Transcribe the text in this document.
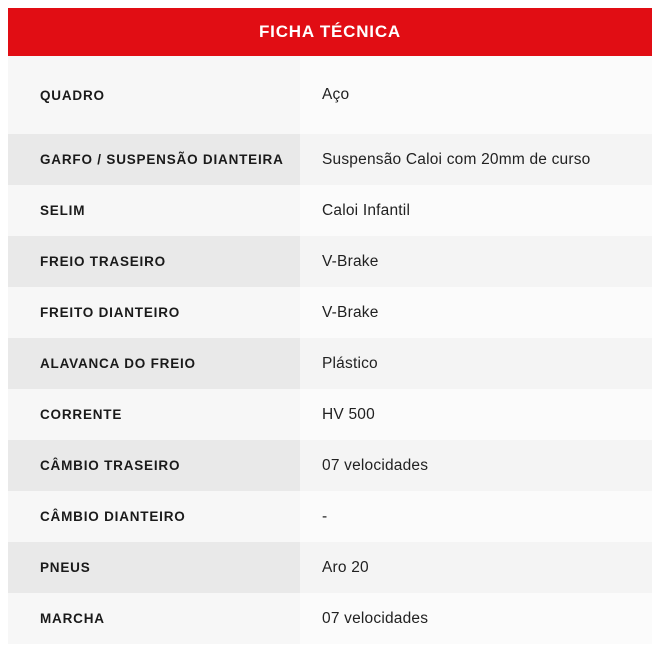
FICHA TÉCNICA
QUADRO	Aço
GARFO / SUSPENSÃO DIANTEIRA	Suspensão Caloi com 20mm de curso
SELIM	Caloi Infantil
FREIO TRASEIRO	V-Brake
FREITO DIANTEIRO	V-Brake
ALAVANCA DO FREIO	Plástico
CORRENTE	HV 500
CÂMBIO TRASEIRO	07 velocidades
CÂMBIO DIANTEIRO	-
PNEUS	Aro 20
MARCHA	07 velocidades
